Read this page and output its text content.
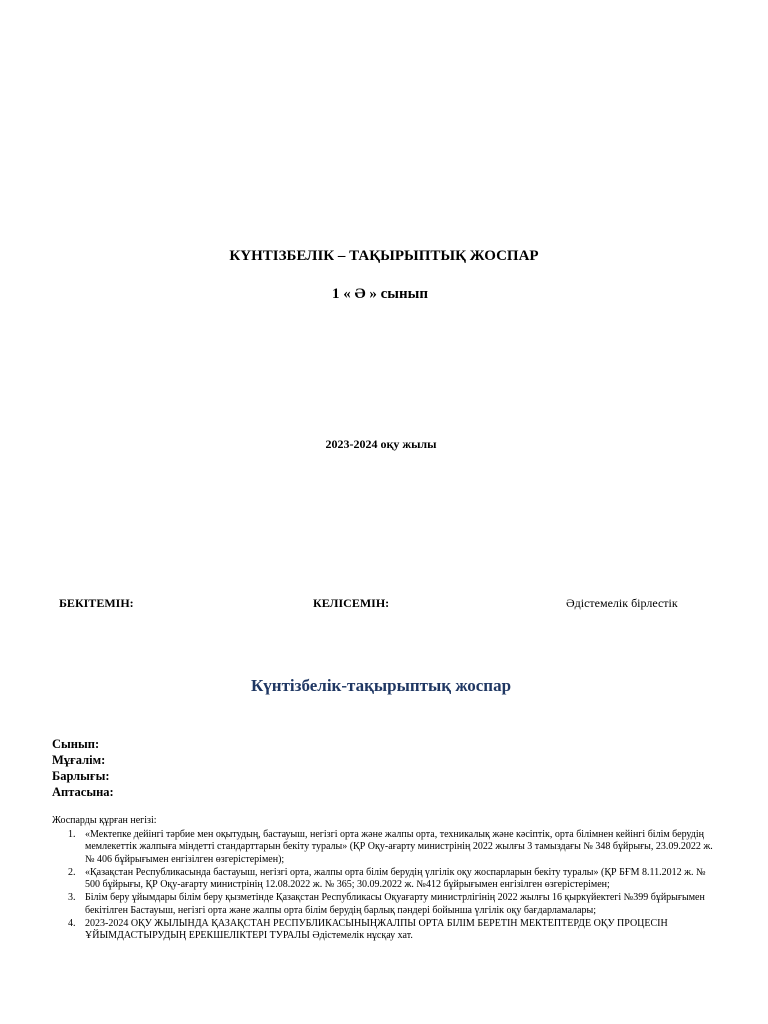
КҮНТІЗБЕЛІК – ТАҚЫРЫПТЫҚ ЖОСПАР
1 « Ә » сынып
2023-2024 оқу жылы
БЕКІТЕМІН:	КЕЛІСЕМІН:	Әдістемелік бірлестік
Күнтізбелік-тақырыптық жоспар
Сынып:
Мұғалім:
Барлығы:
Аптасына:
Жоспарды құрған негізі:
1. «Мектепке дейінгі тәрбие мен оқытудың, бастауыш, негізгі орта және жалпы орта, техникалық және кәсіптік, орта білімнен кейінгі білім берудің мемлекеттік жалпыға міндетті стандарттарын бекіту туралы» (ҚР Оқу-ағарту министрінің 2022 жылғы 3 тамыздағы № 348 бұйрығы, 23.09.2022 ж. № 406 бұйрығымен енгізілген өзгерістерімен);
2. «Қазақстан Республикасында бастауыш, негізгі орта, жалпы орта білім берудің үлгілік оқу жоспарларын бекіту туралы» (ҚР БҒМ 8.11.2012 ж. № 500 бұйрығы, ҚР Оқу-ағарту министрінің 12.08.2022 ж. № 365; 30.09.2022 ж. №412 бұйрығымен енгізілген өзгерістерімен;
3. Білім беру ұйымдары білім беру қызметінде Қазақстан Республикасы Оқуағарту министрлігінің 2022 жылғы 16 қыркүйектегі №399 бұйрығымен бекітілген Бастауыш, негізгі орта және жалпы орта білім берудің барлық пәндері бойынша үлгілік оқу бағдарламалары;
4. 2023-2024 ОҚУ ЖЫЛЫНДА ҚАЗАҚСТАН РЕСПУБЛИКАСЫНЫҢЖАЛПЫ ОРТА БІЛІМ БЕРЕТІН МЕКТЕПТЕРДЕ ОҚУ ПРОЦЕСІН ҰЙЫМДАСТЫРУДЫҢ ЕРЕКШЕЛІКТЕРІ ТУРАЛЫ Әдістемелік нұсқау хат.
